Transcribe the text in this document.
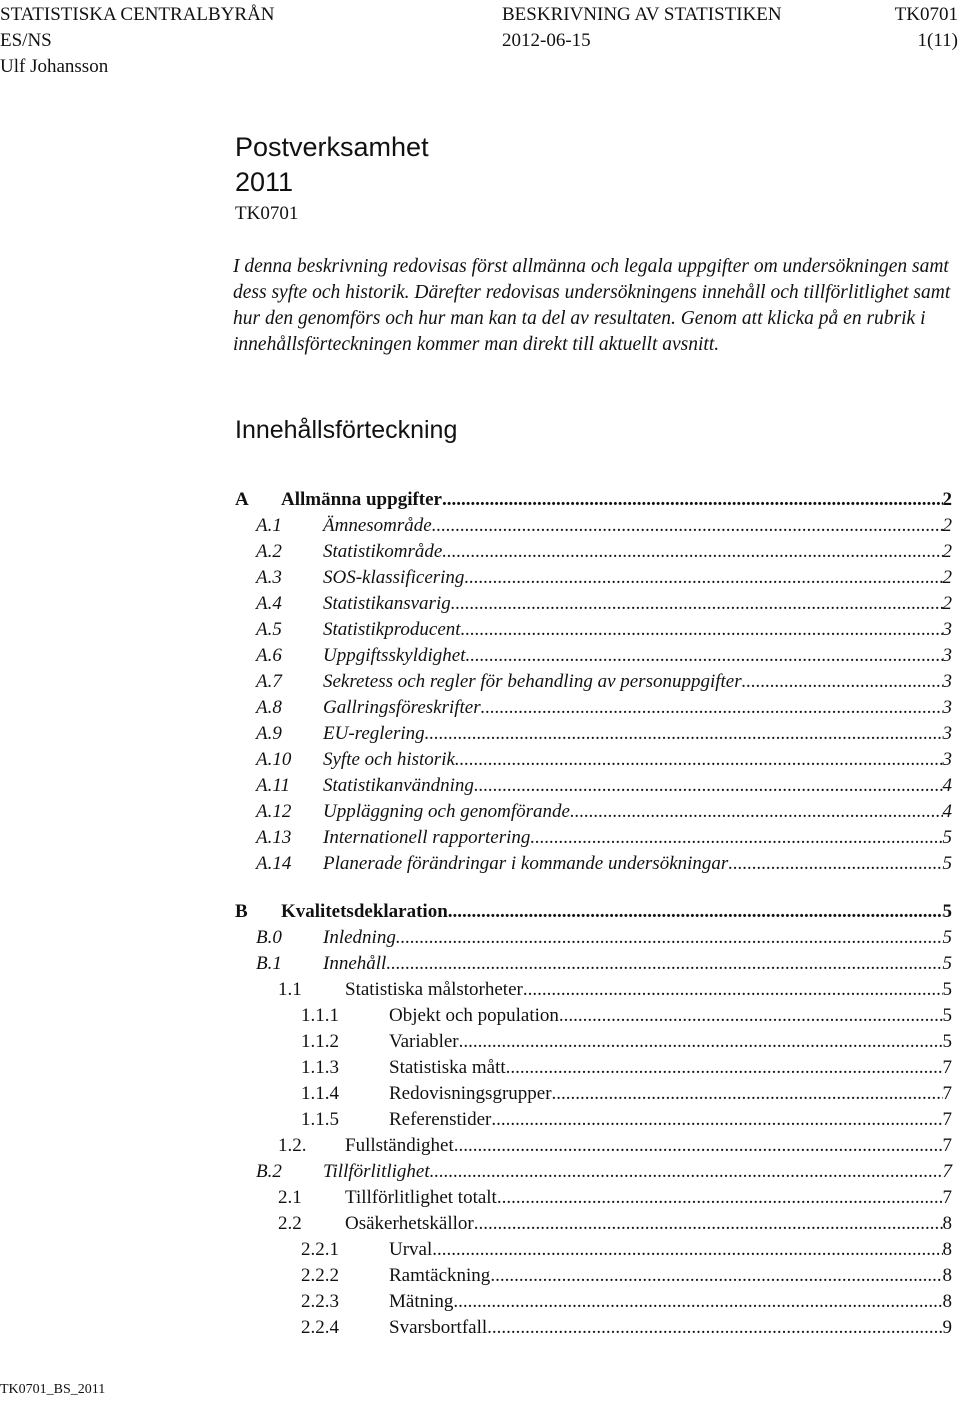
STATISTISKA CENTRALBYRÅN	BESKRIVNING AV STATISTIKEN	TK0701
ES/NS	2012-06-15	1(11)
Ulf Johansson
Postverksamhet
2011
TK0701

I denna beskrivning redovisas först allmänna och legala uppgifter om undersökningen samt dess syfte och historik. Därefter redovisas undersökningens innehåll och tillförlitlighet samt hur den genomförs och hur man kan ta del av resultaten. Genom att klicka på en rubrik i innehållsförteckningen kommer man direkt till aktuellt avsnitt.

Innehållsförteckning
A	Allmänna uppgifter .....	2
A.1	Ämnesområde .....	2
A.2	Statistikområde .....	2
A.3	SOS-klassificering .....	2
A.4	Statistikansvarig .....	2
A.5	Statistikproducent .....	3
A.6	Uppgiftsskyldighet .....	3
A.7	Sekretess och regler för behandling av personuppgifter .....	3
A.8	Gallringsföreskrifter .....	3
A.9	EU-reglering .....	3
A.10	Syfte och historik .....	3
A.11	Statistikanvändning .....	4
A.12	Uppläggning och genomförande .....	4
A.13	Internationell rapportering .....	5
A.14	Planerade förändringar i kommande undersökningar .....	5
B	Kvalitetsdeklaration .....	5
B.0	Inledning .....	5
B.1	Innehåll .....	5
1.1	Statistiska målstorheter .....	5
1.1.1	Objekt och population .....	5
1.1.2	Variabler .....	5
1.1.3	Statistiska mått .....	7
1.1.4	Redovisningsgrupper .....	7
1.1.5	Referenstider .....	7
1.2.	Fullständighet .....	7
B.2	Tillförlitlighet .....	7
2.1	Tillförlitlighet totalt .....	7
2.2	Osäkerhetskällor .....	8
2.2.1	Urval .....	8
2.2.2	Ramtäckning .....	8
2.2.3	Mätning .....	8
2.2.4	Svarsbortfall .....	9
TK0701_BS_2011
